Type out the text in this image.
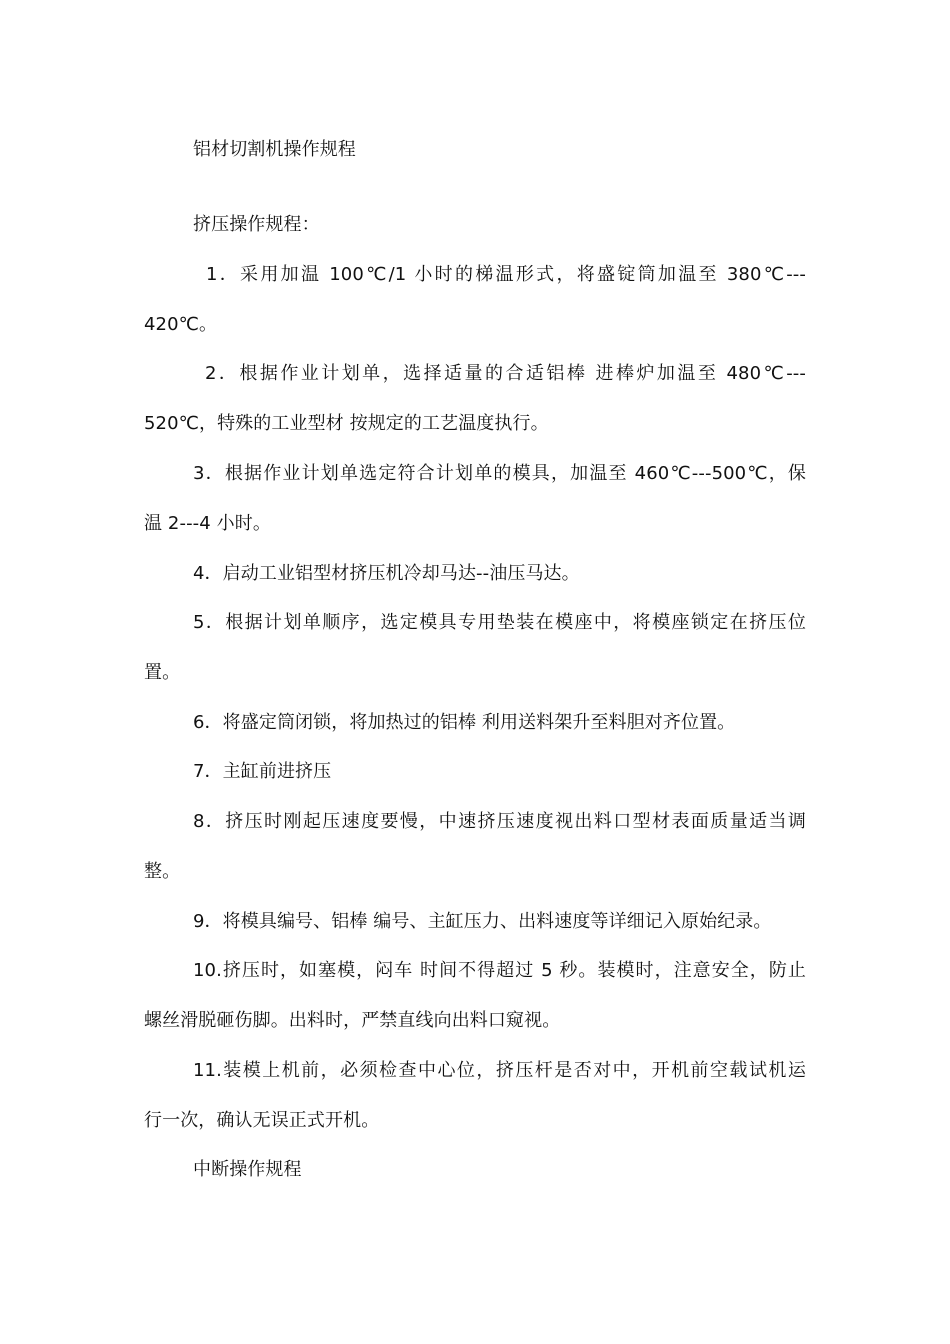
铝材切割机操作规程
挤压操作规程：
1．采用加温 100℃/1 小时的梯温形式，将盛锭筒加温至 380℃---
420℃。
2．根据作业计划单，选择适量的合适铝棒 进棒炉加温至 480℃---
520℃，特殊的工业型材 按规定的工艺温度执行。
3．根据作业计划单选定符合计划单的模具，加温至 460℃---500℃，保
温 2---4 小时。
4．启动工业铝型材挤压机冷却马达--油压马达。
5．根据计划单顺序，选定模具专用垫装在模座中，将模座锁定在挤压位
置。
6．将盛定筒闭锁，将加热过的铝棒 利用送料架升至料胆对齐位置。
7．主缸前进挤压
8．挤压时刚起压速度要慢，中速挤压速度视出料口型材表面质量适当调
整。
9．将模具编号、铝棒 编号、主缸压力、出料速度等详细记入原始纪录。
10.挤压时，如塞模，闷车 时间不得超过 5 秒。装模时，注意安全，防止
螺丝滑脱砸伤脚。出料时，严禁直线向出料口窥视。
11.装模上机前，必须检查中心位，挤压杆是否对中，开机前空载试机运
行一次，确认无误正式开机。
中断操作规程
